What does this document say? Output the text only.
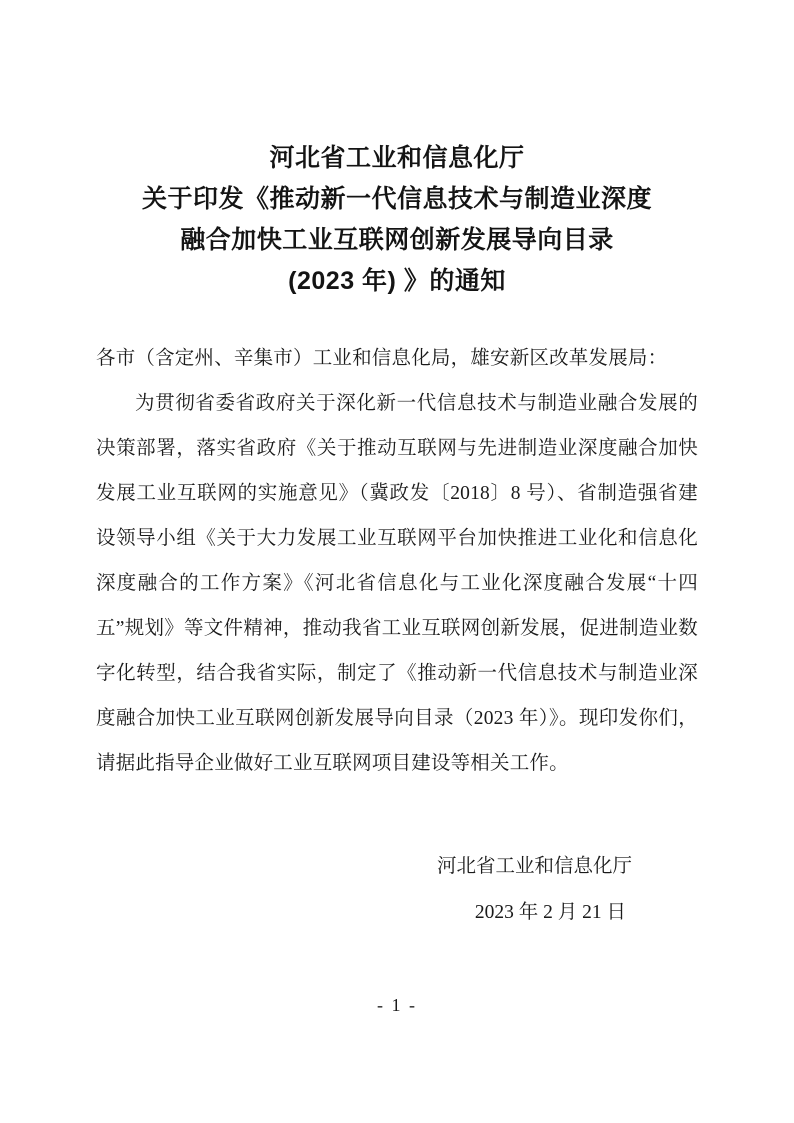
河北省工业和信息化厅
关于印发《推动新一代信息技术与制造业深度
融合加快工业互联网创新发展导向目录
(2023 年) 》的通知

各市（含定州、辛集市）工业和信息化局，雄安新区改革发展局：

为贯彻省委省政府关于深化新一代信息技术与制造业融合发展的决策部署，落实省政府《关于推动互联网与先进制造业深度融合加快发展工业互联网的实施意见》（冀政发〔2018〕8 号）、省制造强省建设领导小组《关于大力发展工业互联网平台加快推进工业化和信息化深度融合的工作方案》《河北省信息化与工业化深度融合发展“十四五”规划》等文件精神，推动我省工业互联网创新发展，促进制造业数字化转型，结合我省实际，制定了《推动新一代信息技术与制造业深度融合加快工业互联网创新发展导向目录（2023 年）》。现印发你们，请据此指导企业做好工业互联网项目建设等相关工作。

河北省工业和信息化厅
2023 年 2 月 21 日
- 1 -
